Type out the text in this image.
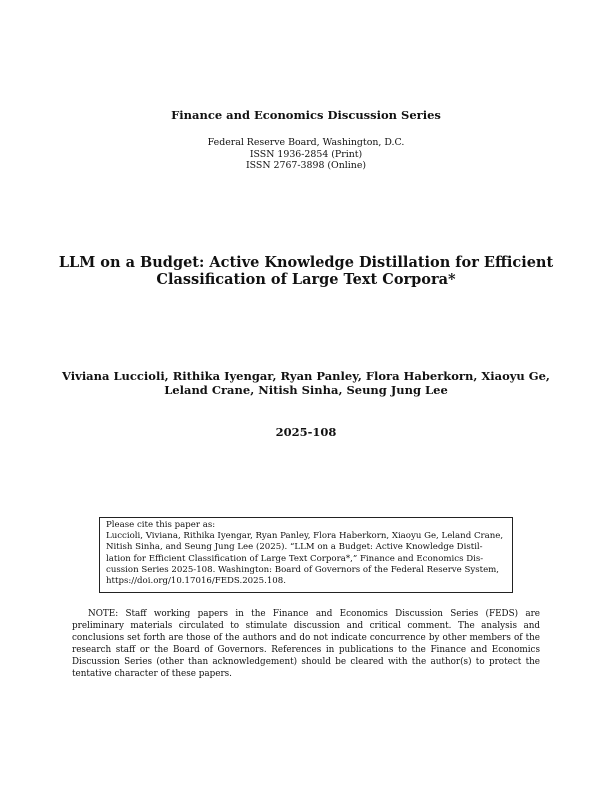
Finance and Economics Discussion Series
Federal Reserve Board, Washington, D.C.
ISSN 1936-2854 (Print)
ISSN 2767-3898 (Online)
LLM on a Budget: Active Knowledge Distillation for Efficient
Classification of Large Text Corpora*
Viviana Luccioli, Rithika Iyengar, Ryan Panley, Flora Haberkorn, Xiaoyu Ge,
Leland Crane, Nitish Sinha, Seung Jung Lee
2025-108
Please cite this paper as:
Luccioli, Viviana, Rithika Iyengar, Ryan Panley, Flora Haberkorn, Xiaoyu Ge, Leland Crane,
Nitish Sinha, and Seung Jung Lee (2025). “LLM on a Budget: Active Knowledge Distil-
lation for Efficient Classification of Large Text Corpora*,” Finance and Economics Dis-
cussion Series 2025-108. Washington: Board of Governors of the Federal Reserve System,
https://doi.org/10.17016/FEDS.2025.108.
NOTE: Staff working papers in the Finance and Economics Discussion Series (FEDS) are preliminary materials circulated to stimulate discussion and critical comment. The analysis and conclusions set forth are those of the authors and do not indicate concurrence by other members of the research staff or the Board of Governors. References in publications to the Finance and Economics Discussion Series (other than acknowledgement) should be cleared with the author(s) to protect the tentative character of these papers.
